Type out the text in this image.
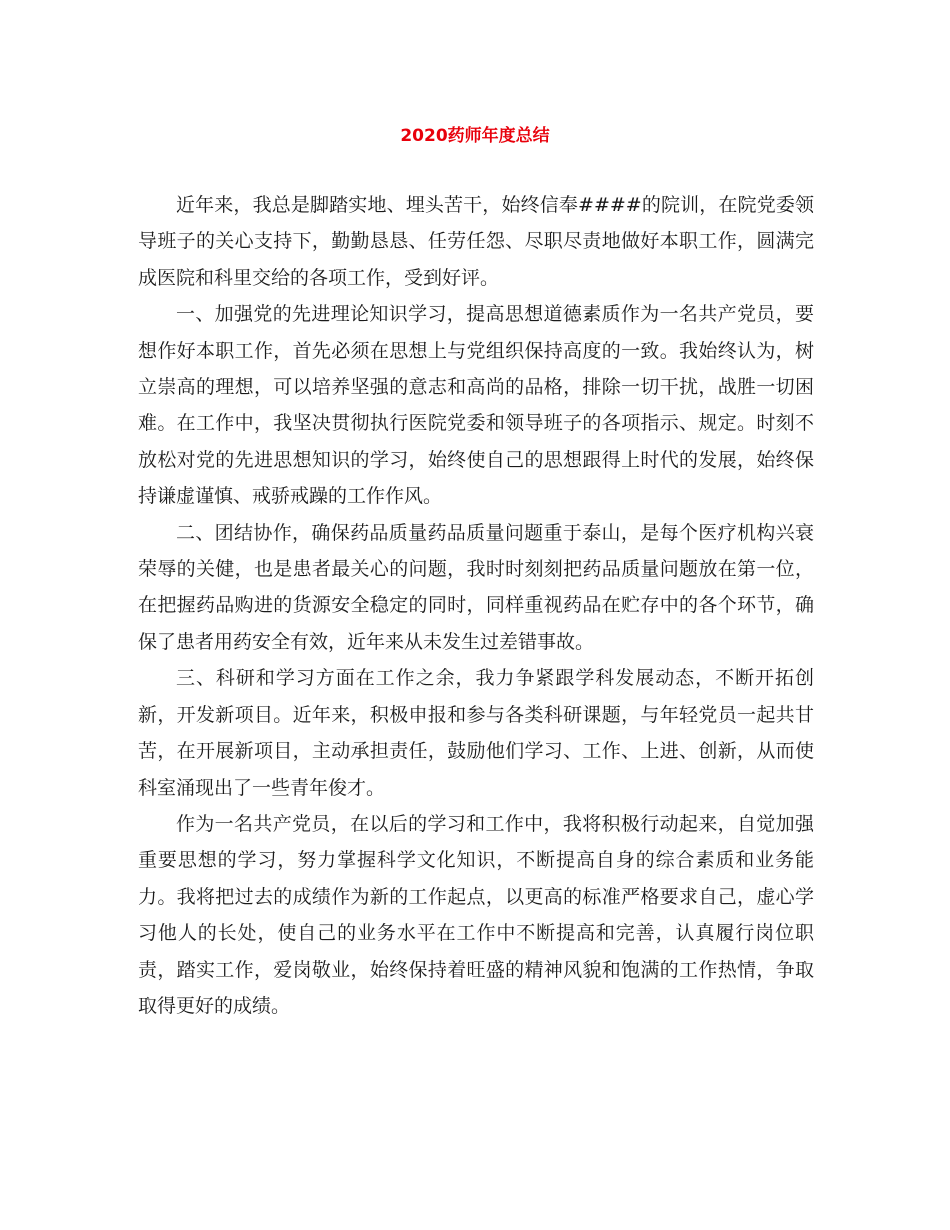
2020药师年度总结

近年来，我总是脚踏实地、埋头苦干，始终信奉####的院训，在院党委领导班子的关心支持下，勤勤恳恳、任劳任怨、尽职尽责地做好本职工作，圆满完成医院和科里交给的各项工作，受到好评。

一、加强党的先进理论知识学习，提高思想道德素质作为一名共产党员，要想作好本职工作，首先必须在思想上与党组织保持高度的一致。我始终认为，树立崇高的理想，可以培养坚强的意志和高尚的品格，排除一切干扰，战胜一切困难。在工作中，我坚决贯彻执行医院党委和领导班子的各项指示、规定。时刻不放松对党的先进思想知识的学习，始终使自己的思想跟得上时代的发展，始终保持谦虚谨慎、戒骄戒躁的工作作风。

二、团结协作，确保药品质量药品质量问题重于泰山，是每个医疗机构兴衰荣辱的关健，也是患者最关心的问题，我时时刻刻把药品质量问题放在第一位，在把握药品购进的货源安全稳定的同时，同样重视药品在贮存中的各个环节，确保了患者用药安全有效，近年来从未发生过差错事故。

三、科研和学习方面在工作之余，我力争紧跟学科发展动态，不断开拓创新，开发新项目。近年来，积极申报和参与各类科研课题，与年轻党员一起共甘苦，在开展新项目，主动承担责任，鼓励他们学习、工作、上进、创新，从而使科室涌现出了一些青年俊才。

作为一名共产党员，在以后的学习和工作中，我将积极行动起来，自觉加强重要思想的学习，努力掌握科学文化知识，不断提高自身的综合素质和业务能力。我将把过去的成绩作为新的工作起点，以更高的标准严格要求自己，虚心学习他人的长处，使自己的业务水平在工作中不断提高和完善，认真履行岗位职责，踏实工作，爱岗敬业，始终保持着旺盛的精神风貌和饱满的工作热情，争取取得更好的成绩。
